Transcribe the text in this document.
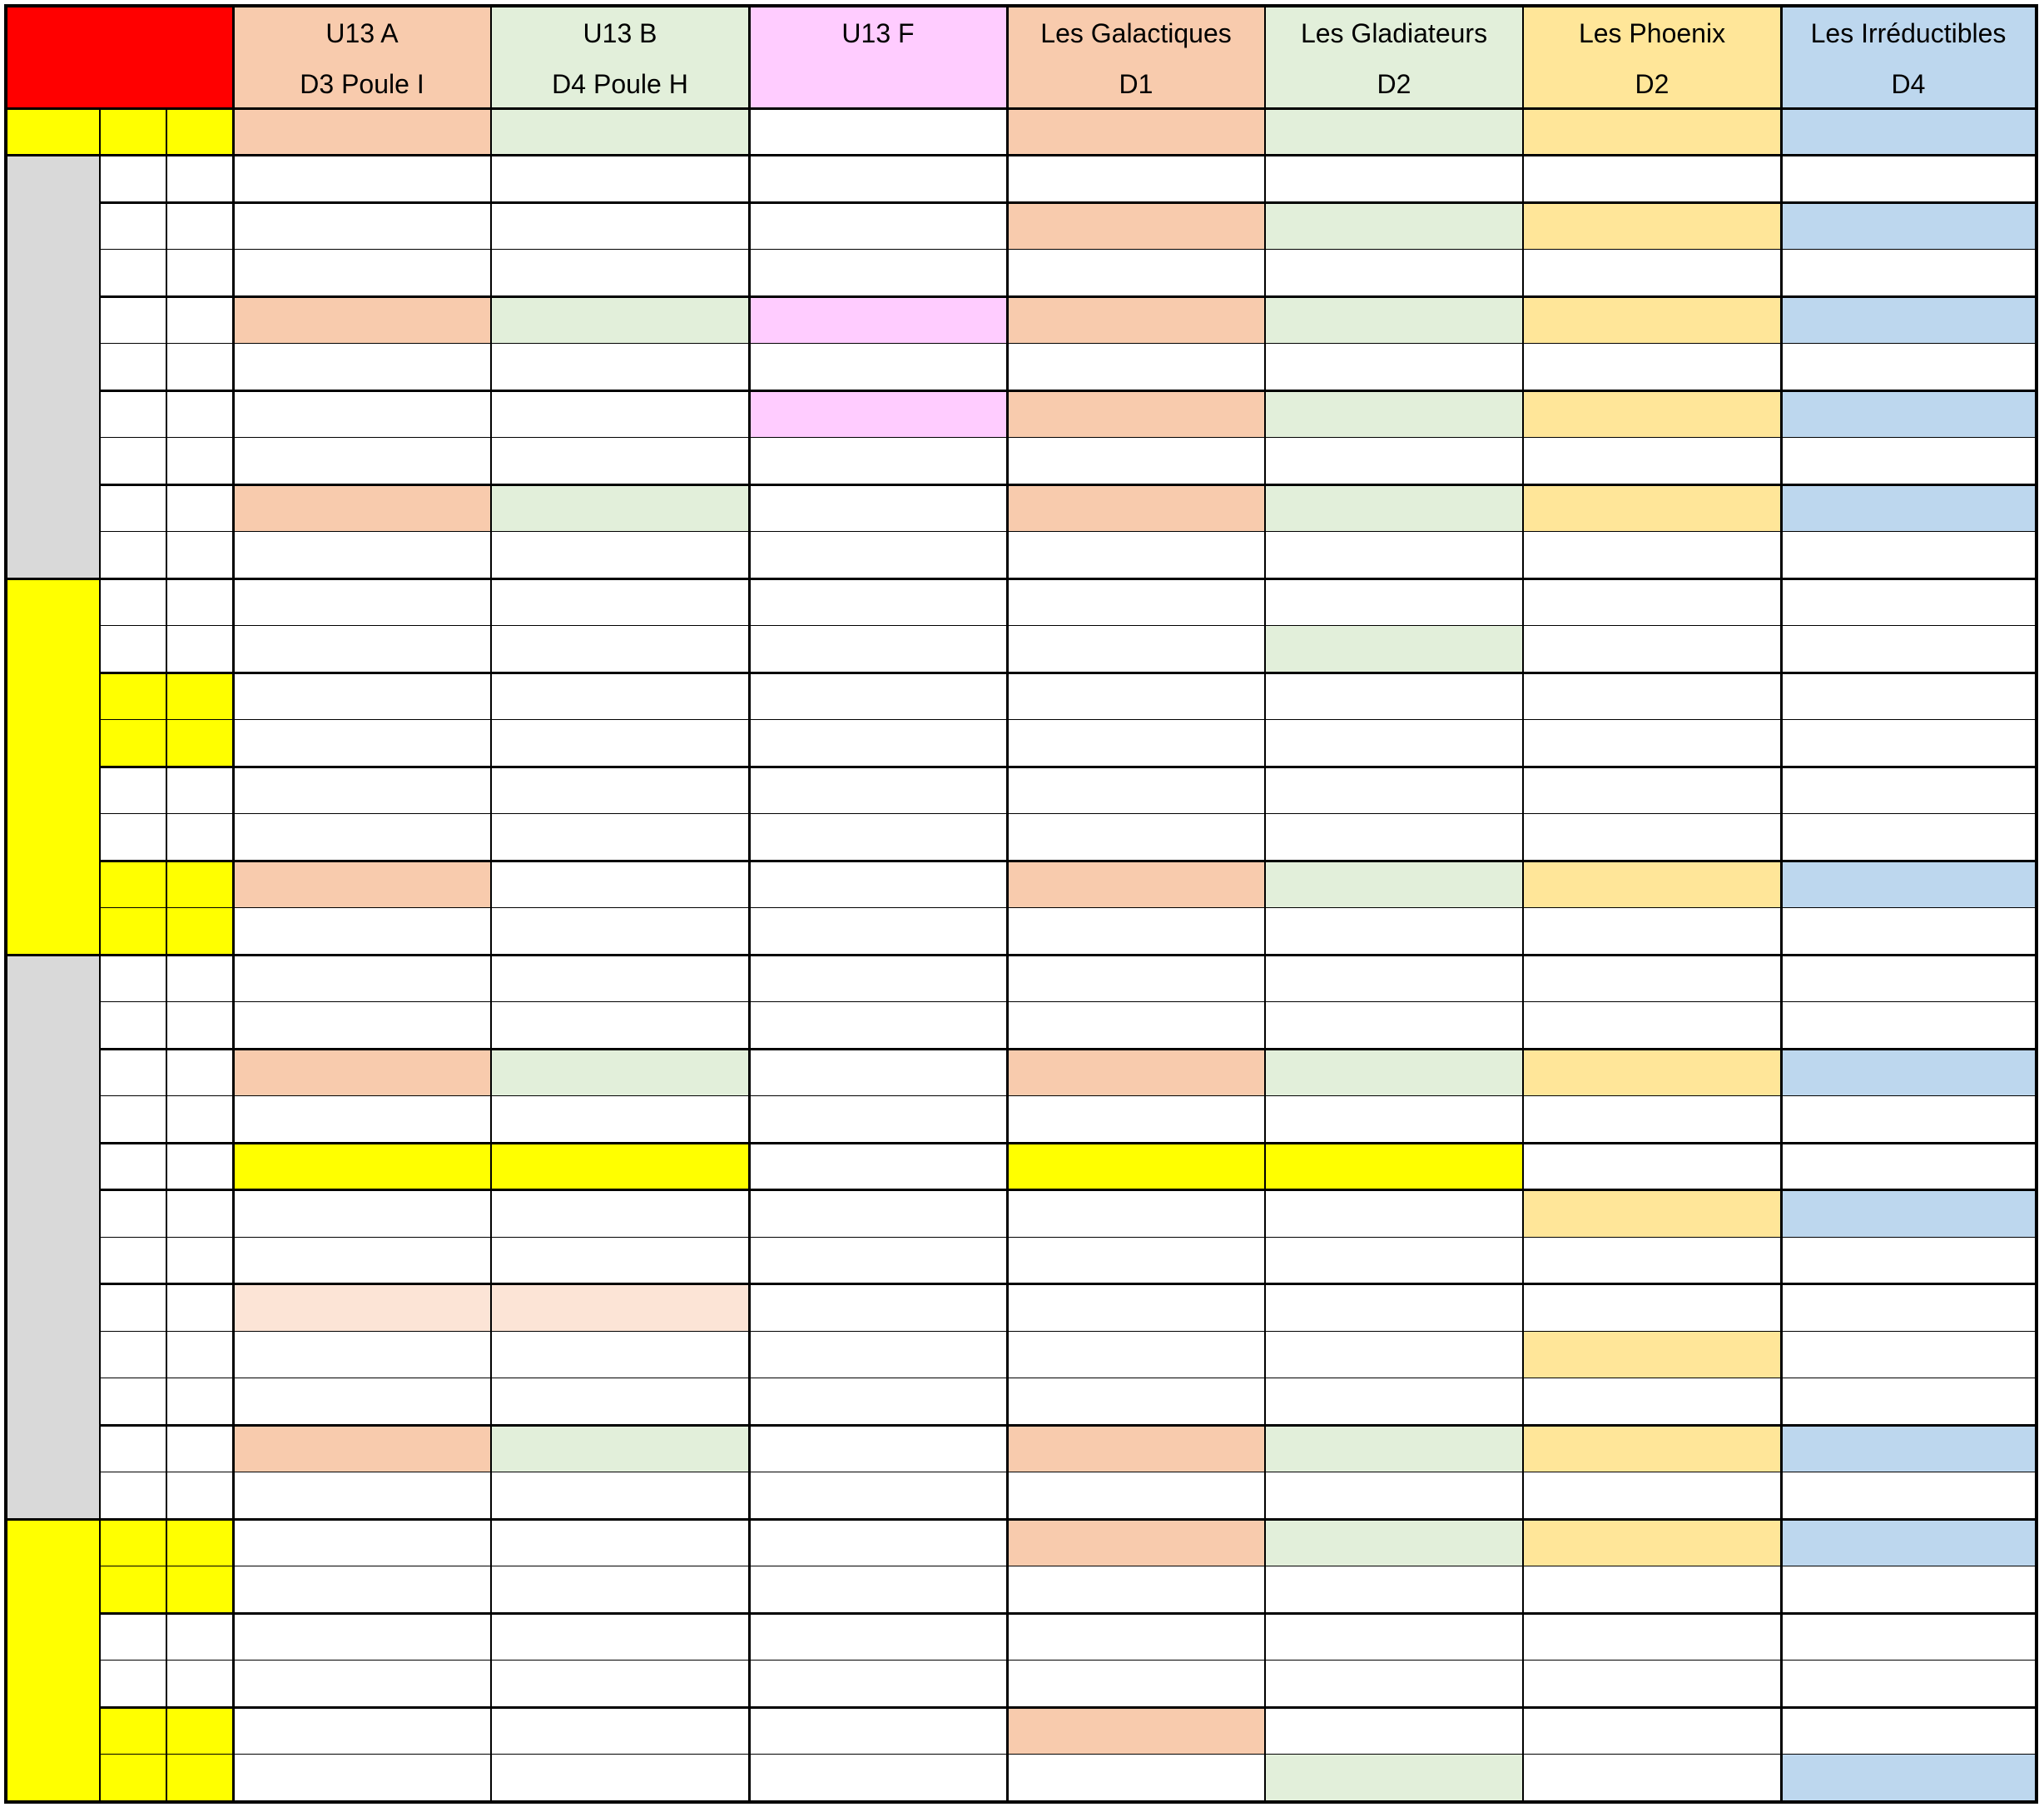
U13 A
D3 Poule I
U13 B
D4 Poule H
U13 F	Les Galactiques
D1
Les Gladiateurs
D2
Les Phoenix
D2
Les Irréductibles
D4
